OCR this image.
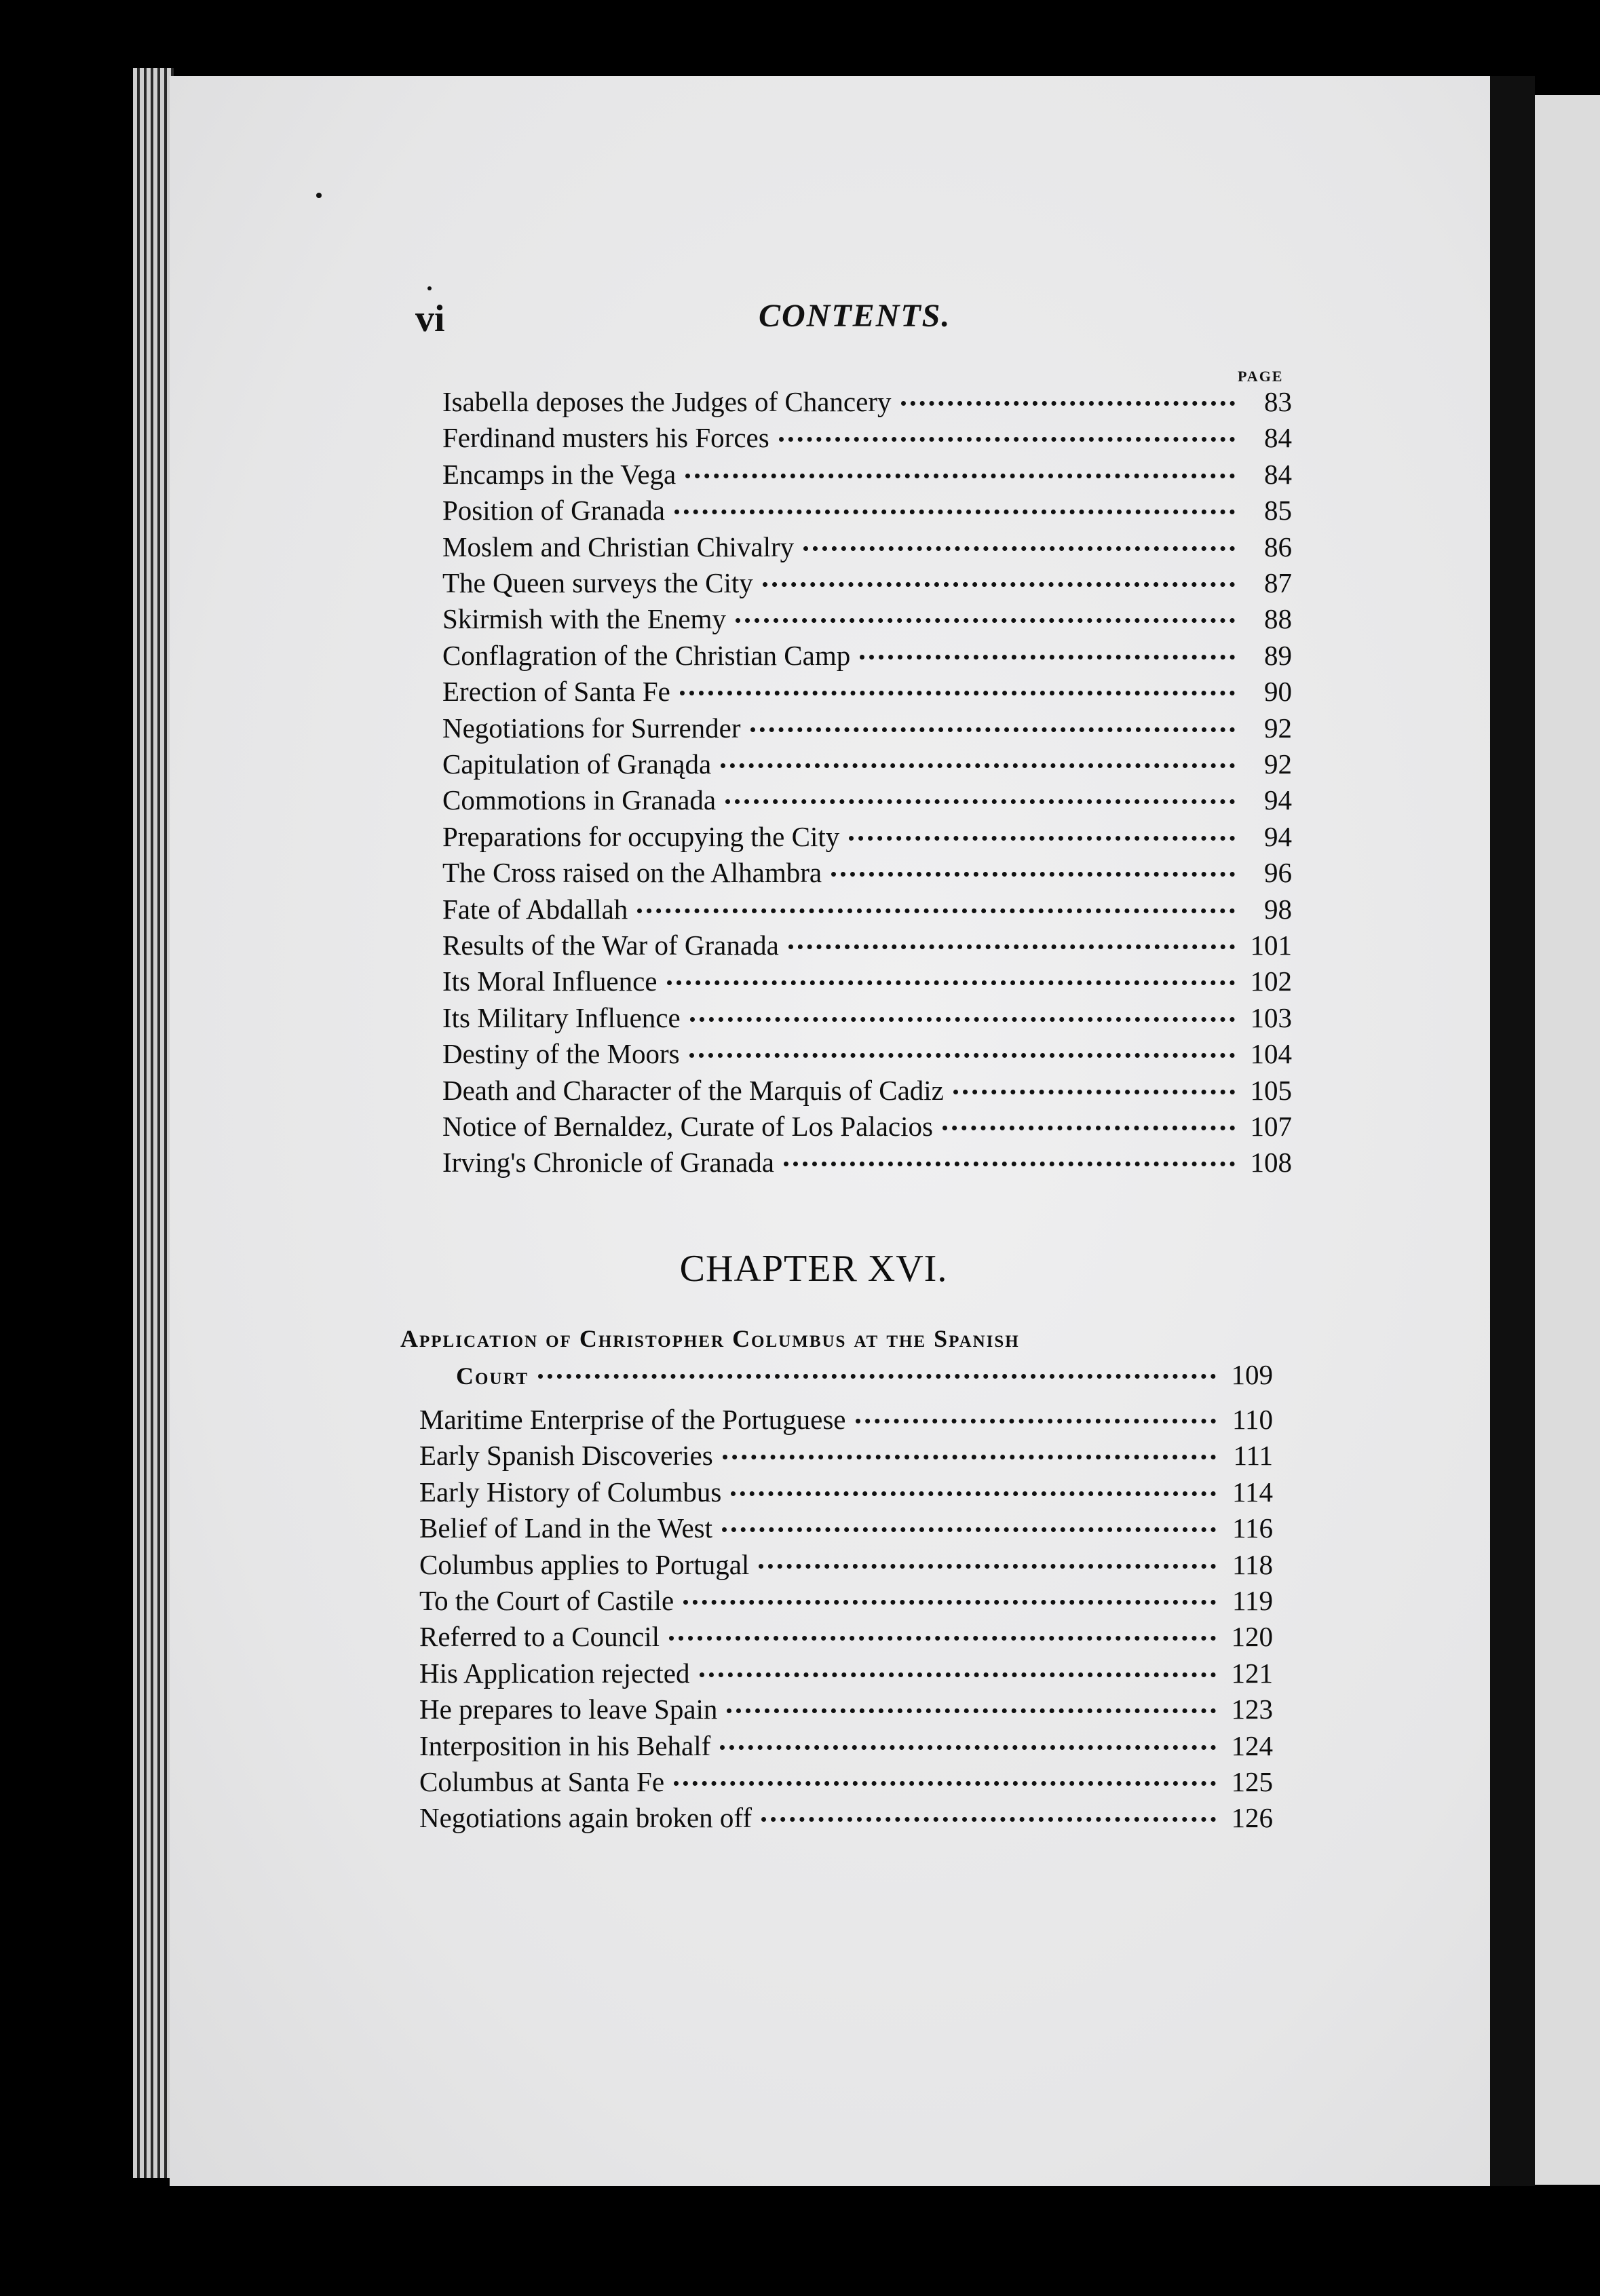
vi	CONTENTS.
PAGE
Isabella deposes the Judges of Chancery	83
Ferdinand musters his Forces	84
Encamps in the Vega	84
Position of Granada	85
Moslem and Christian Chivalry	86
The Queen surveys the City	87
Skirmish with the Enemy	88
Conflagration of the Christian Camp	89
Erection of Santa Fe	90
Negotiations for Surrender	92
Capitulation of Granąda	92
Commotions in Granada	94
Preparations for occupying the City	94
The Cross raised on the Alhambra	96
Fate of Abdallah	98
Results of the War of Granada	101
Its Moral Influence	102
Its Military Influence	103
Destiny of the Moors	104
Death and Character of the Marquis of Cadiz	105
Notice of Bernaldez, Curate of Los Palacios	107
Irving's Chronicle of Granada	108
CHAPTER XVI.
Application of Christopher Columbus at the Spanish
Court	109
Maritime Enterprise of the Portuguese	110
Early Spanish Discoveries	111
Early History of Columbus	114
Belief of Land in the West	116
Columbus applies to Portugal	118
To the Court of Castile	119
Referred to a Council	120
His Application rejected	121
He prepares to leave Spain	123
Interposition in his Behalf	124
Columbus at Santa Fe	125
Negotiations again broken off	126
